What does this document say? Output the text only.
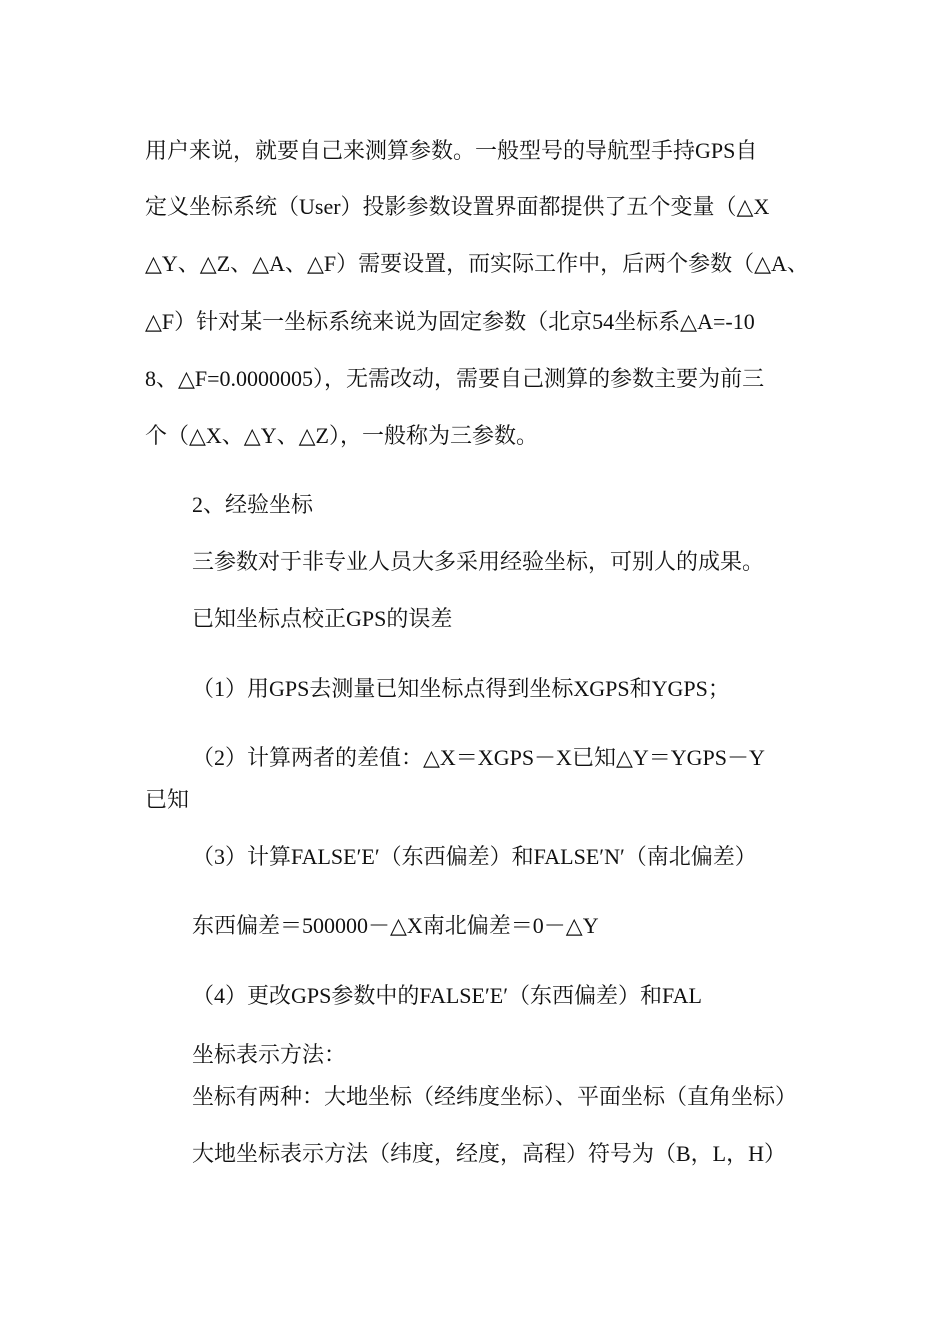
用户来说，就要自己来测算参数。一般型号的导航型手持GPS自
定义坐标系统（User）投影参数设置界面都提供了五个变量（△X
△Y、△Z、△A、△F）需要设置，而实际工作中，后两个参数（△A、
△F）针对某一坐标系统来说为固定参数（北京54坐标系△A=-10
8、△F=0.0000005），无需改动，需要自己测算的参数主要为前三
个（△X、△Y、△Z），一般称为三参数。
2、经验坐标
三参数对于非专业人员大多采用经验坐标，可别人的成果。
已知坐标点校正GPS的误差
（1）用GPS去测量已知坐标点得到坐标XGPS和YGPS；
（2）计算两者的差值：△X＝XGPS－X已知△Y＝YGPS－Y
已知
（3）计算FALSE′E′（东西偏差）和FALSE′N′（南北偏差）
东西偏差＝500000－△X南北偏差＝0－△Y
（4）更改GPS参数中的FALSE′E′（东西偏差）和FAL
坐标表示方法：
坐标有两种：大地坐标（经纬度坐标）、平面坐标（直角坐标）
大地坐标表示方法（纬度，经度，高程）符号为（B，L，H）
